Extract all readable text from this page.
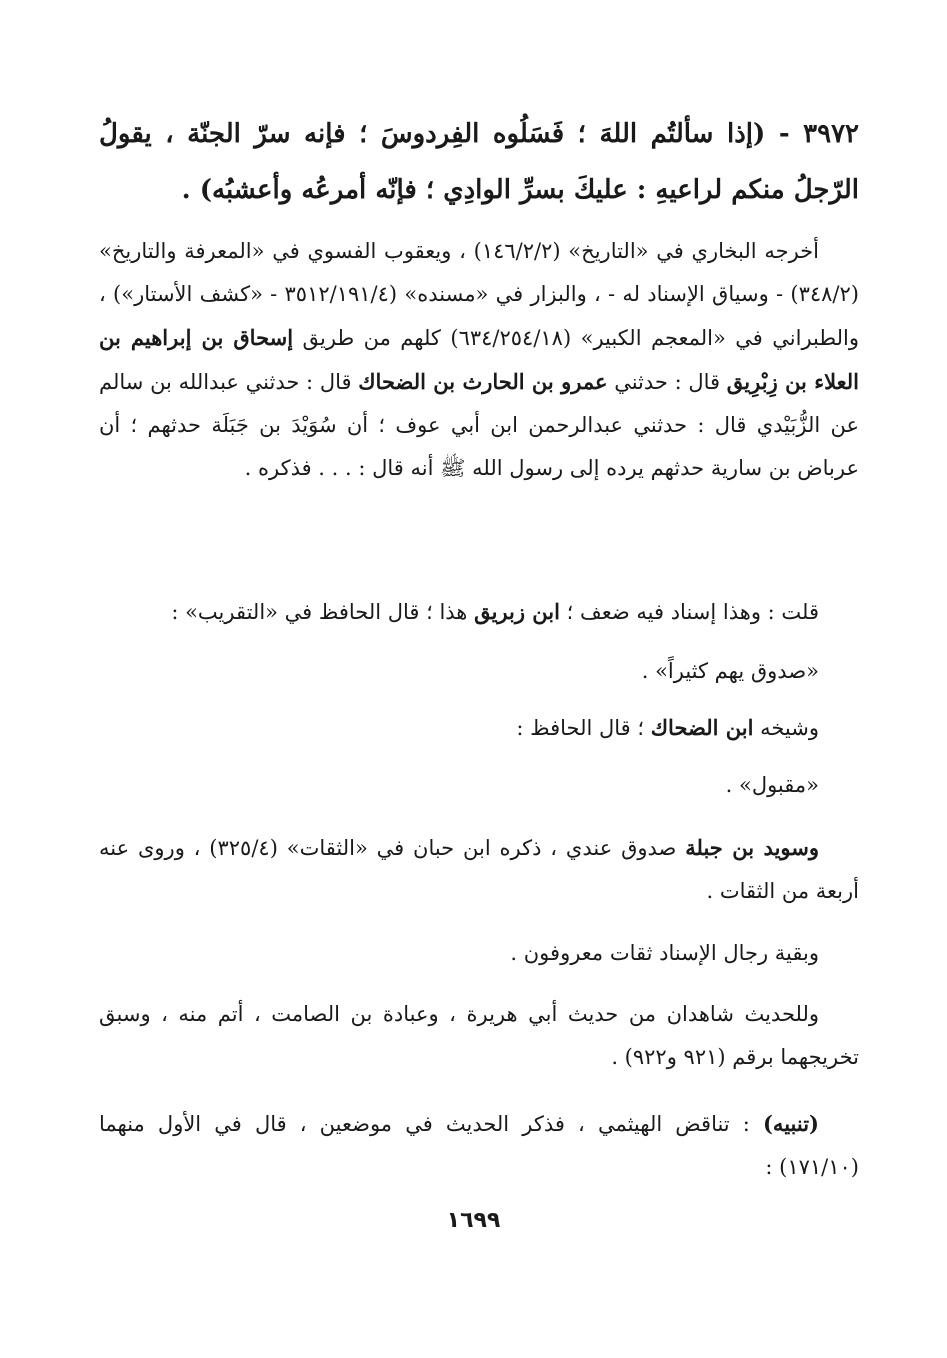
٣٩٧٢ - (إذا سألتُم اللهَ ؛ فَسَلُوه الفِردوسَ ؛ فإنه سرّ الجنّة ، يقولُ الرّجلُ منكم لراعيهِ : عليكَ بسرِّ الوادِي ؛ فإنّه أمرعُه وأعشبُه) .
أخرجه البخاري في «التاريخ» (١٤٦/٢/٢) ، ويعقوب الفسوي في «المعرفة والتاريخ» (٣٤٨/٢) - وسياق الإسناد له - ، والبزار في «مسنده» (٣٥١٢/١٩١/٤ - «كشف الأستار») ، والطبراني في «المعجم الكبير» (٦٣٤/٢٥٤/١٨) كلهم من طريق إسحاق بن إبراهيم بن العلاء بن زِبْرِيق قال : حدثني عمرو بن الحارث بن الضحاك قال : حدثني عبدالله بن سالم عن الزُّبَيْدي قال : حدثني عبدالرحمن ابن أبي عوف ؛ أن سُوَيْدَ بن جَبَلَة حدثهم ؛ أن عرباض بن سارية حدثهم يرده إلى رسول الله ﷺ أنه قال : . . . فذكره .
قلت : وهذا إسناد فيه ضعف ؛ ابن زبريق هذا ؛ قال الحافظ في «التقريب» :
«صدوق يهم كثيراً» .
وشيخه ابن الضحاك ؛ قال الحافظ :
«مقبول» .
وسويد بن جبلة صدوق عندي ، ذكره ابن حبان في «الثقات» (٣٢٥/٤) ، وروى عنه أربعة من الثقات .
وبقية رجال الإسناد ثقات معروفون .
وللحديث شاهدان من حديث أبي هريرة ، وعبادة بن الصامت ، أتم منه ، وسبق تخريجهما برقم (٩٢١ و٩٢٢) .
(تنبيه) : تناقض الهيثمي ، فذكر الحديث في موضعين ، قال في الأول منهما (١٧١/١٠) :
١٦٩٩
